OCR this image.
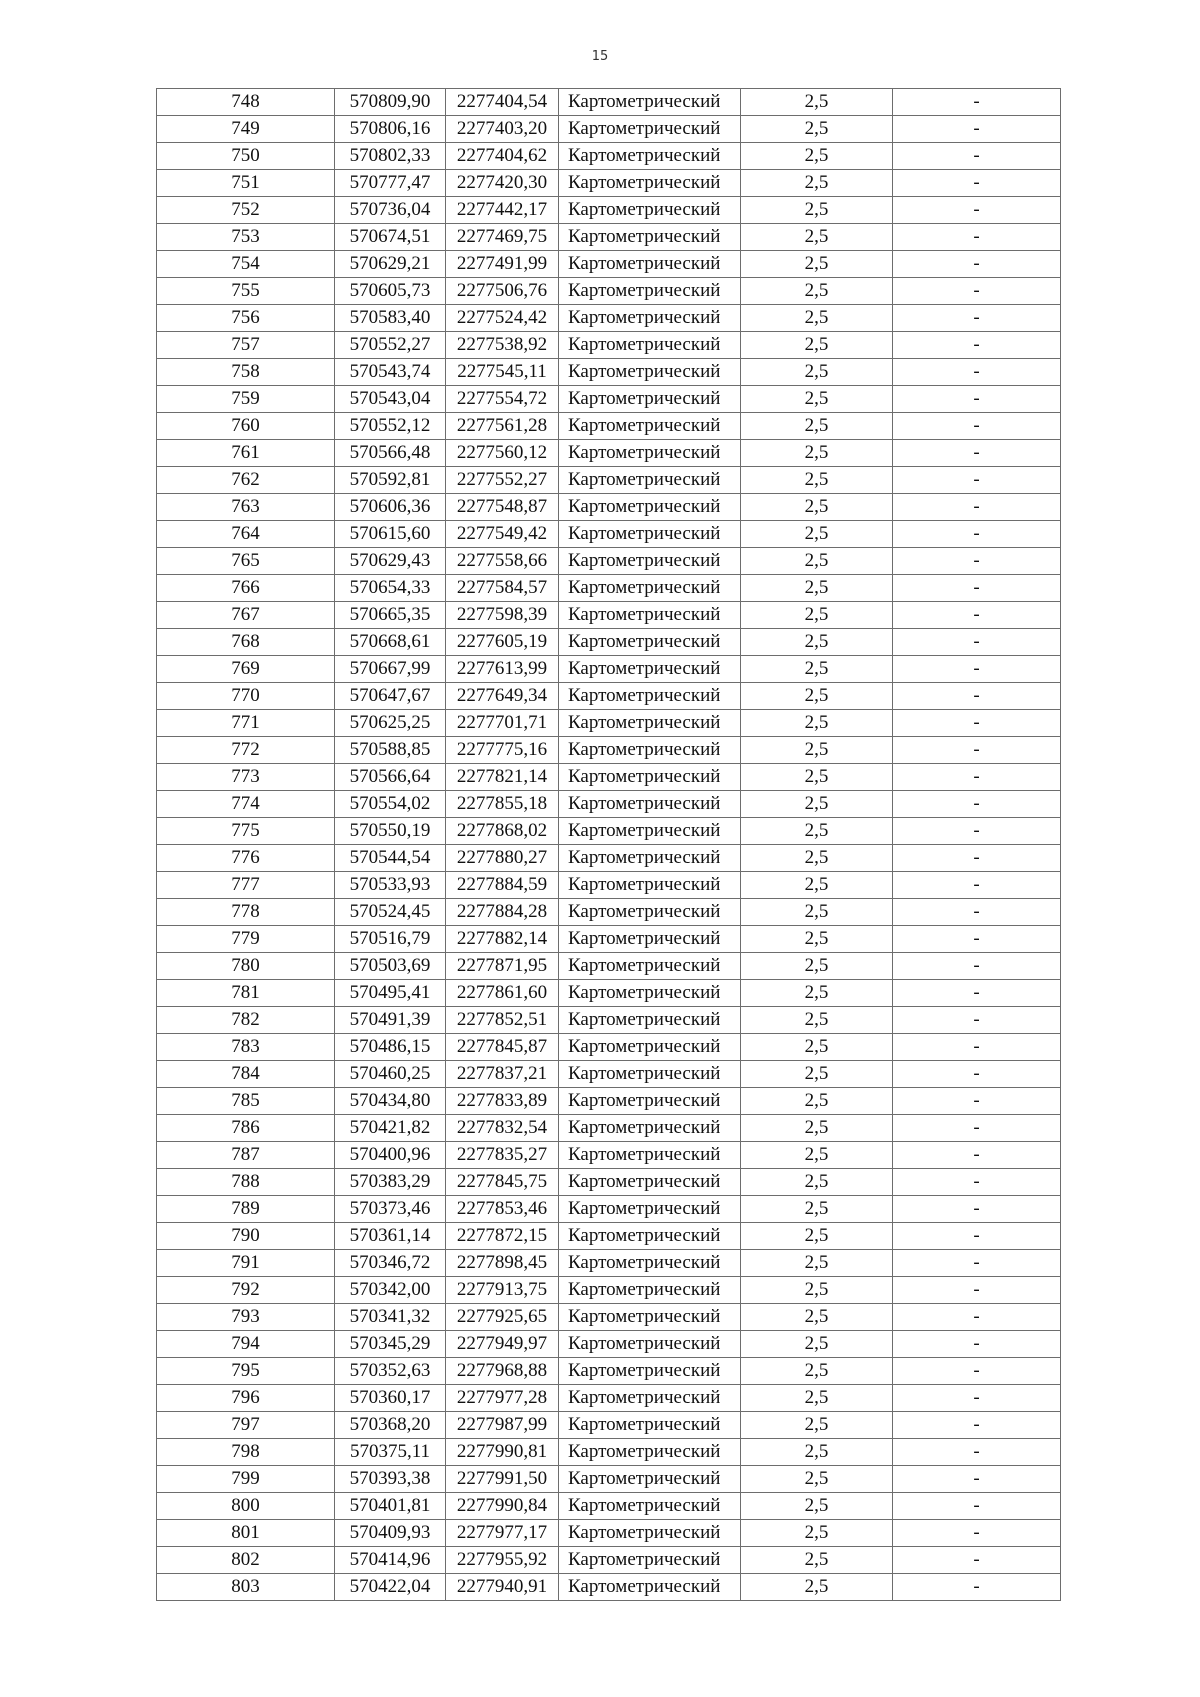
15
748	570809,90	2277404,54	Картометрический	2,5	-
749	570806,16	2277403,20	Картометрический	2,5	-
750	570802,33	2277404,62	Картометрический	2,5	-
751	570777,47	2277420,30	Картометрический	2,5	-
752	570736,04	2277442,17	Картометрический	2,5	-
753	570674,51	2277469,75	Картометрический	2,5	-
754	570629,21	2277491,99	Картометрический	2,5	-
755	570605,73	2277506,76	Картометрический	2,5	-
756	570583,40	2277524,42	Картометрический	2,5	-
757	570552,27	2277538,92	Картометрический	2,5	-
758	570543,74	2277545,11	Картометрический	2,5	-
759	570543,04	2277554,72	Картометрический	2,5	-
760	570552,12	2277561,28	Картометрический	2,5	-
761	570566,48	2277560,12	Картометрический	2,5	-
762	570592,81	2277552,27	Картометрический	2,5	-
763	570606,36	2277548,87	Картометрический	2,5	-
764	570615,60	2277549,42	Картометрический	2,5	-
765	570629,43	2277558,66	Картометрический	2,5	-
766	570654,33	2277584,57	Картометрический	2,5	-
767	570665,35	2277598,39	Картометрический	2,5	-
768	570668,61	2277605,19	Картометрический	2,5	-
769	570667,99	2277613,99	Картометрический	2,5	-
770	570647,67	2277649,34	Картометрический	2,5	-
771	570625,25	2277701,71	Картометрический	2,5	-
772	570588,85	2277775,16	Картометрический	2,5	-
773	570566,64	2277821,14	Картометрический	2,5	-
774	570554,02	2277855,18	Картометрический	2,5	-
775	570550,19	2277868,02	Картометрический	2,5	-
776	570544,54	2277880,27	Картометрический	2,5	-
777	570533,93	2277884,59	Картометрический	2,5	-
778	570524,45	2277884,28	Картометрический	2,5	-
779	570516,79	2277882,14	Картометрический	2,5	-
780	570503,69	2277871,95	Картометрический	2,5	-
781	570495,41	2277861,60	Картометрический	2,5	-
782	570491,39	2277852,51	Картометрический	2,5	-
783	570486,15	2277845,87	Картометрический	2,5	-
784	570460,25	2277837,21	Картометрический	2,5	-
785	570434,80	2277833,89	Картометрический	2,5	-
786	570421,82	2277832,54	Картометрический	2,5	-
787	570400,96	2277835,27	Картометрический	2,5	-
788	570383,29	2277845,75	Картометрический	2,5	-
789	570373,46	2277853,46	Картометрический	2,5	-
790	570361,14	2277872,15	Картометрический	2,5	-
791	570346,72	2277898,45	Картометрический	2,5	-
792	570342,00	2277913,75	Картометрический	2,5	-
793	570341,32	2277925,65	Картометрический	2,5	-
794	570345,29	2277949,97	Картометрический	2,5	-
795	570352,63	2277968,88	Картометрический	2,5	-
796	570360,17	2277977,28	Картометрический	2,5	-
797	570368,20	2277987,99	Картометрический	2,5	-
798	570375,11	2277990,81	Картометрический	2,5	-
799	570393,38	2277991,50	Картометрический	2,5	-
800	570401,81	2277990,84	Картометрический	2,5	-
801	570409,93	2277977,17	Картометрический	2,5	-
802	570414,96	2277955,92	Картометрический	2,5	-
803	570422,04	2277940,91	Картометрический	2,5	-
